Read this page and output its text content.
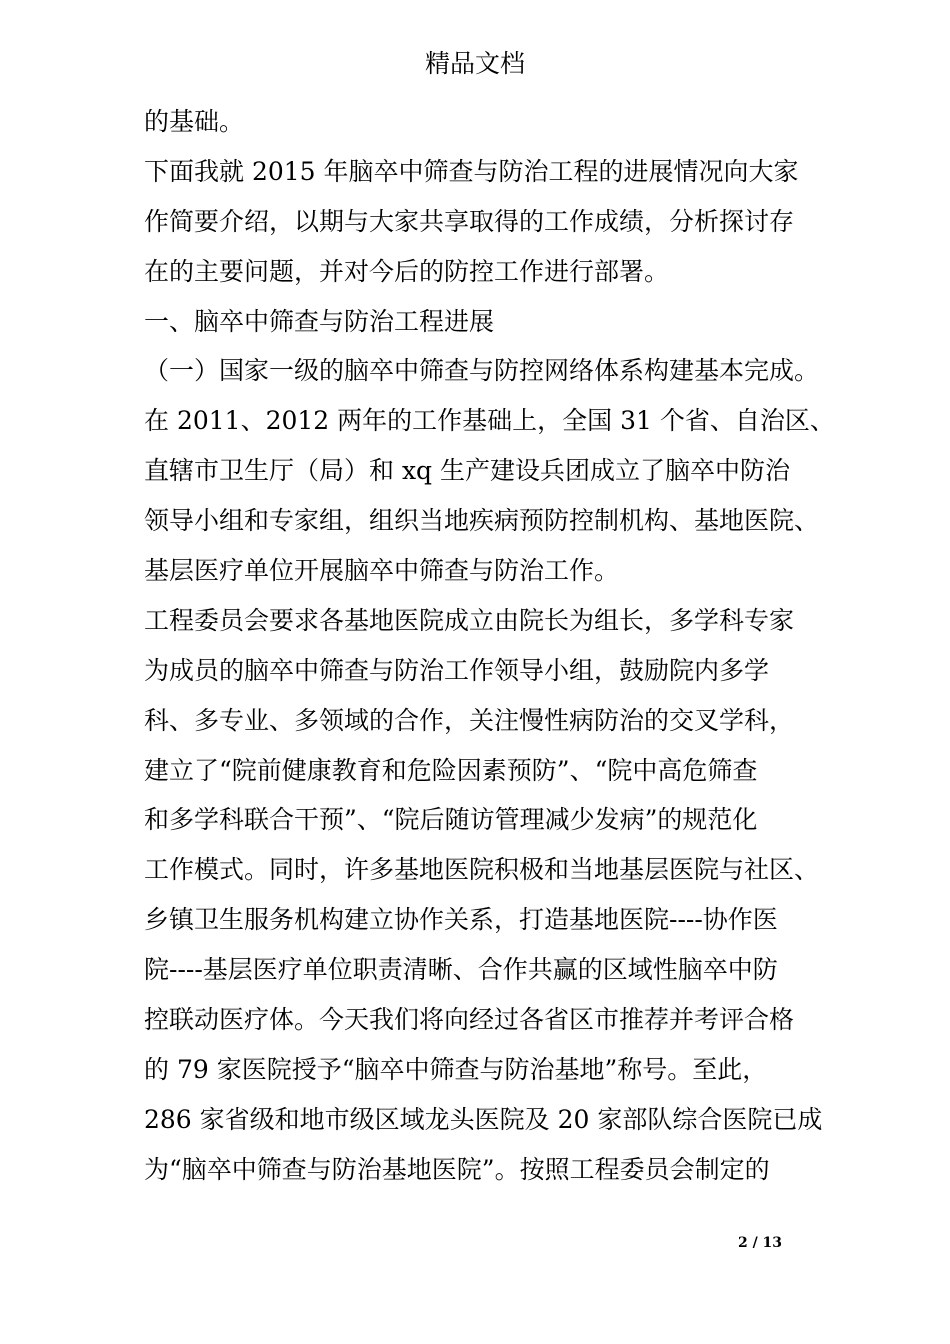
精品文档
的基础。
下面我就 2015 年脑卒中筛查与防治工程的进展情况向大家
作简要介绍，以期与大家共享取得的工作成绩，分析探讨存
在的主要问题，并对今后的防控工作进行部署。
一、脑卒中筛查与防治工程进展
（一）国家一级的脑卒中筛查与防控网络体系构建基本完成。
在 2011、2012 两年的工作基础上，全国 31 个省、自治区、
直辖市卫生厅（局）和 xq 生产建设兵团成立了脑卒中防治
领导小组和专家组，组织当地疾病预防控制机构、基地医院、
基层医疗单位开展脑卒中筛查与防治工作。
工程委员会要求各基地医院成立由院长为组长，多学科专家
为成员的脑卒中筛查与防治工作领导小组，鼓励院内多学
科、多专业、多领域的合作，关注慢性病防治的交叉学科，
建立了“院前健康教育和危险因素预防”、“院中高危筛查
和多学科联合干预”、“院后随访管理减少发病”的规范化
工作模式。同时，许多基地医院积极和当地基层医院与社区、
乡镇卫生服务机构建立协作关系，打造基地医院----协作医
院----基层医疗单位职责清晰、合作共赢的区域性脑卒中防
控联动医疗体。今天我们将向经过各省区市推荐并考评合格
的 79 家医院授予“脑卒中筛查与防治基地”称号。至此，
286 家省级和地市级区域龙头医院及 20 家部队综合医院已成
为“脑卒中筛查与防治基地医院”。按照工程委员会制定的
2 / 13
